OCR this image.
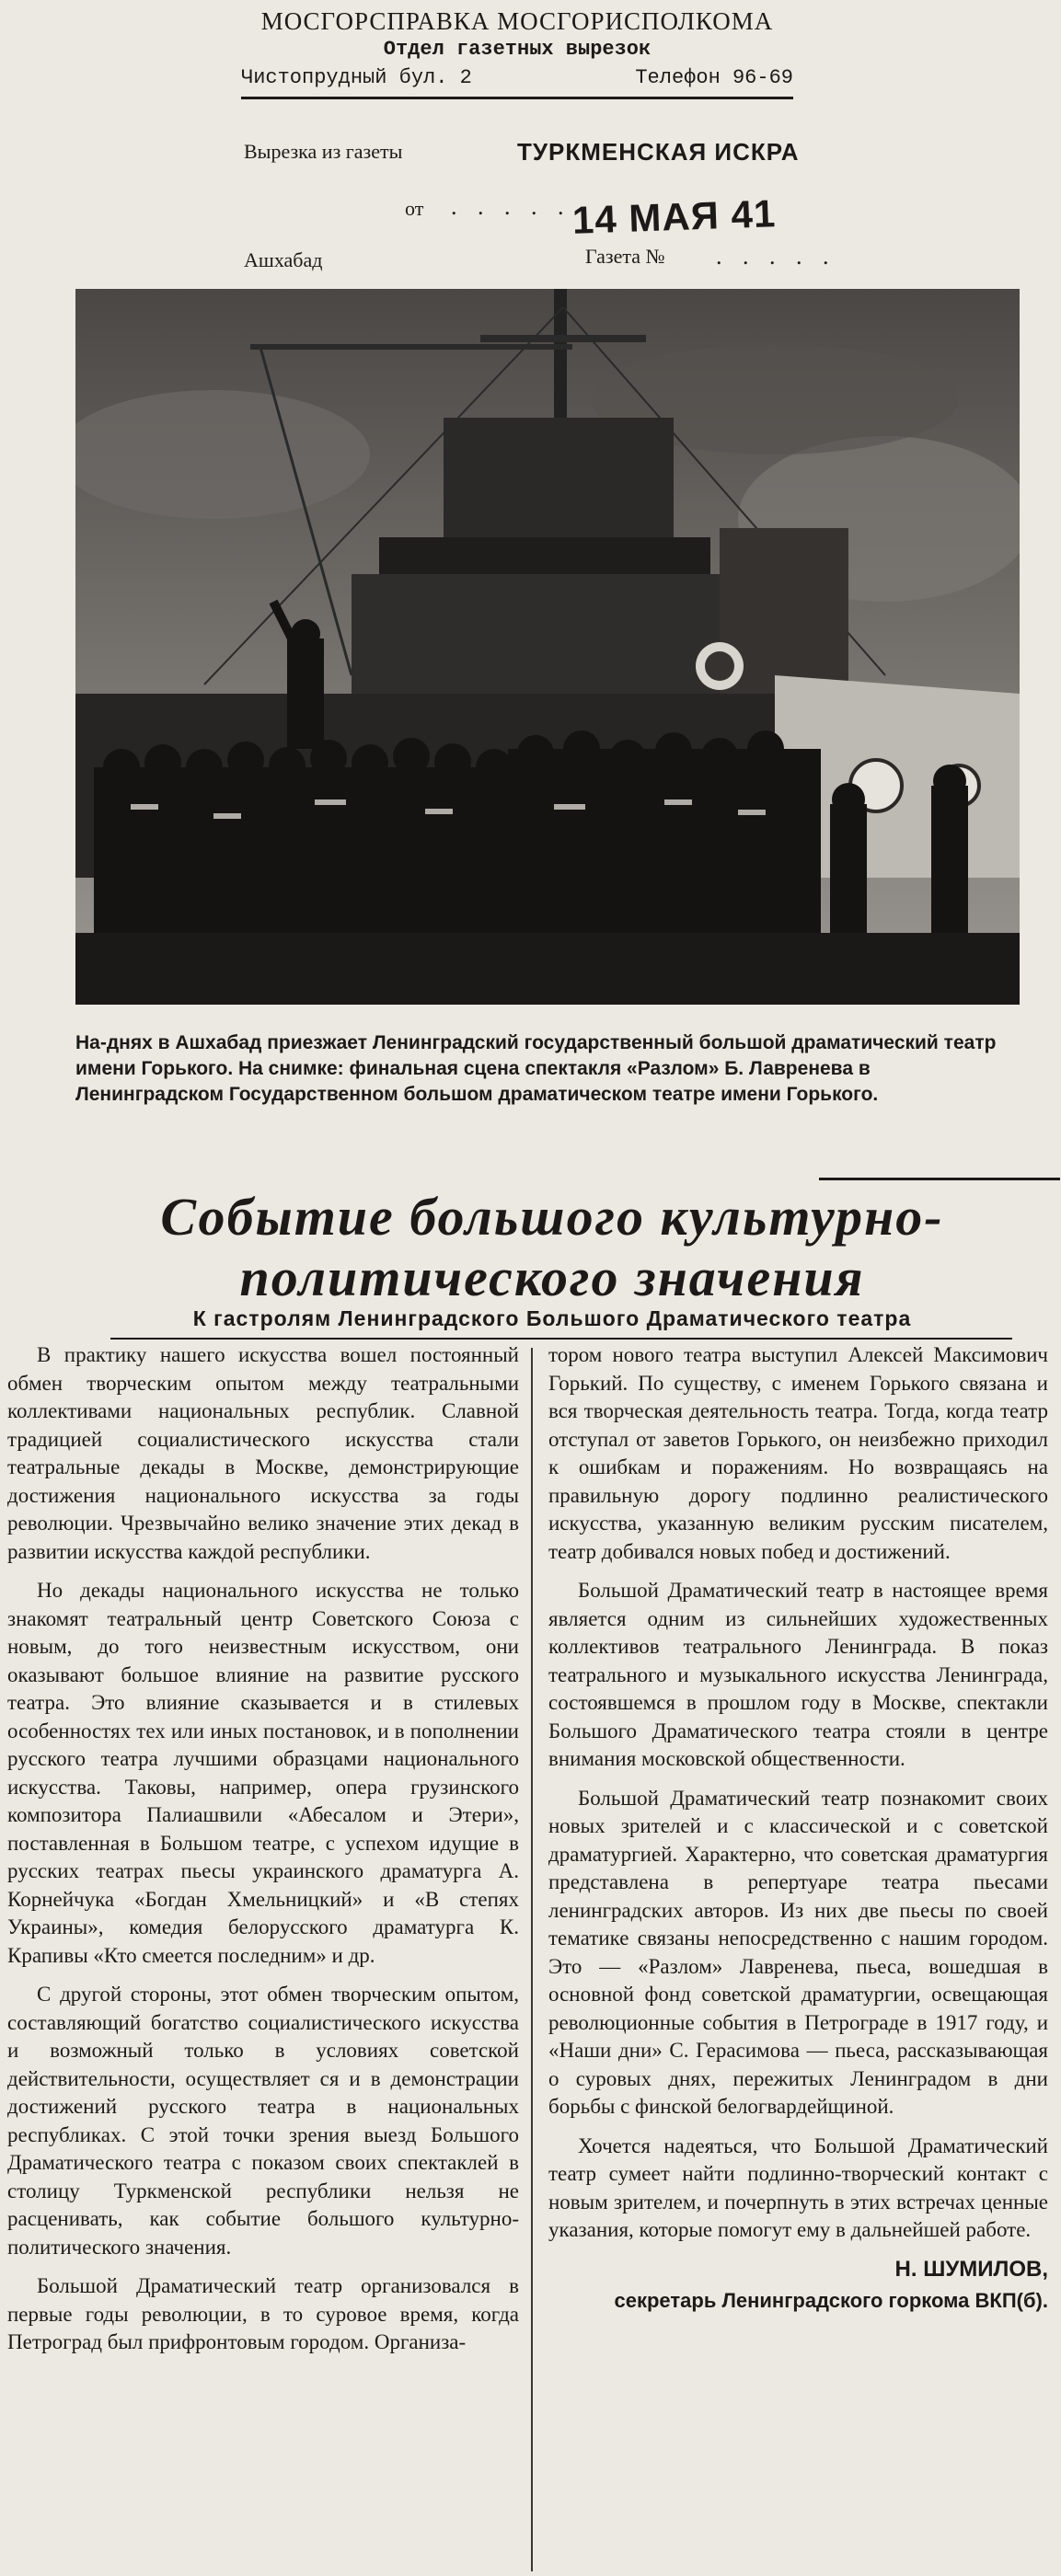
МОСГОРСПРАВКА МОСГОРИСПОЛКОМА
Отдел газетных вырезок
Чистопрудный бул. 2	Телефон 96-69
Вырезка из газеты	ТУРКМЕНСКАЯ ИСКРА
от . . . . . 14 МАЯ 41
Ашхабад	Газета № . . . . .
На-днях в Ашхабад приезжает Ленинградский государственный большой драматический театр имени Горького. На снимке: финальная сцена спектакля «Разлом» Б. Лавренева в Ленинградском Государственном большом драматическом театре имени Горького.
Событие большого культурно-
политического значения
К гастролям Ленинградского Большого Драматического театра

В практику нашего искусства вошел постоянный обмен творческим опытом между театральными коллективами национальных республик. Славной традицией социалистического искусства стали театральные декады в Москве, демонстрирующие достижения национального искусства за годы революции. Чрезвычайно велико значение этих декад в развитии искусства каждой республики.

Но декады национального искусства не только знакомят театральный центр Советского Союза с новым, до того неизвестным искусством, они оказывают большое влияние на развитие русского театра. Это влияние сказывается и в стилевых особенностях тех или иных постановок, и в пополнении русского театра лучшими образцами национального искусства. Таковы, например, опера грузинского композитора Палиашвили «Абесалом и Этери», поставленная в Большом театре, с успехом идущие в русских театрах пьесы украинского драматурга А. Корнейчука «Богдан Хмельницкий» и «В степях Украины», комедия белорусского драматурга К. Крапивы «Кто смеется последним» и др.

С другой стороны, этот обмен творческим опытом, составляющий богатство социалистического искусства и возможный только в условиях советской действительности, осуществляет ся и в демонстрации достижений русского театра в национальных республиках. С этой точки зрения выезд Большого Драматического театра с показом своих спектаклей в столицу Туркменской республики нельзя не расценивать, как событие большого культурно-политического значения.

Большой Драматический театр организовался в первые годы революции, в то суровое время, когда Петроград был прифронтовым городом. Организа-

тором нового театра выступил Алексей Максимович Горький. По существу, с именем Горького связана и вся творческая деятельность театра. Тогда, когда театр отступал от заветов Горького, он неизбежно приходил к ошибкам и поражениям. Но возвращаясь на правильную дорогу подлинно реалистического искусства, указанную великим русским писателем, театр добивался новых побед и достижений.

Большой Драматический театр в настоящее время является одним из сильнейших художественных коллективов театрального Ленинграда. В показ театрального и музыкального искусства Ленинграда, состоявшемся в прошлом году в Москве, спектакли Большого Драматического театра стояли в центре внимания московской общественности.

Большой Драматический театр познакомит своих новых зрителей и с классической и с советской драматургией. Характерно, что советская драматургия представлена в репертуаре театра пьесами ленинградских авторов. Из них две пьесы по своей тематике связаны непосредственно с нашим городом. Это — «Разлом» Лавренева, пьеса, вошедшая в основной фонд советской драматургии, освещающая революционные события в Петрограде в 1917 году, и «Наши дни» С. Герасимова — пьеса, рассказывающая о суровых днях, пережитых Ленинградом в дни борьбы с финской белогвардейщиной.

Хочется надеяться, что Большой Драматический театр сумеет найти подлинно-творческий контакт с новым зрителем, и почерпнуть в этих встречах ценные указания, которые помогут ему в дальнейшей работе.

Н. ШУМИЛОВ,
секретарь Ленинградского горкома ВКП(б).
